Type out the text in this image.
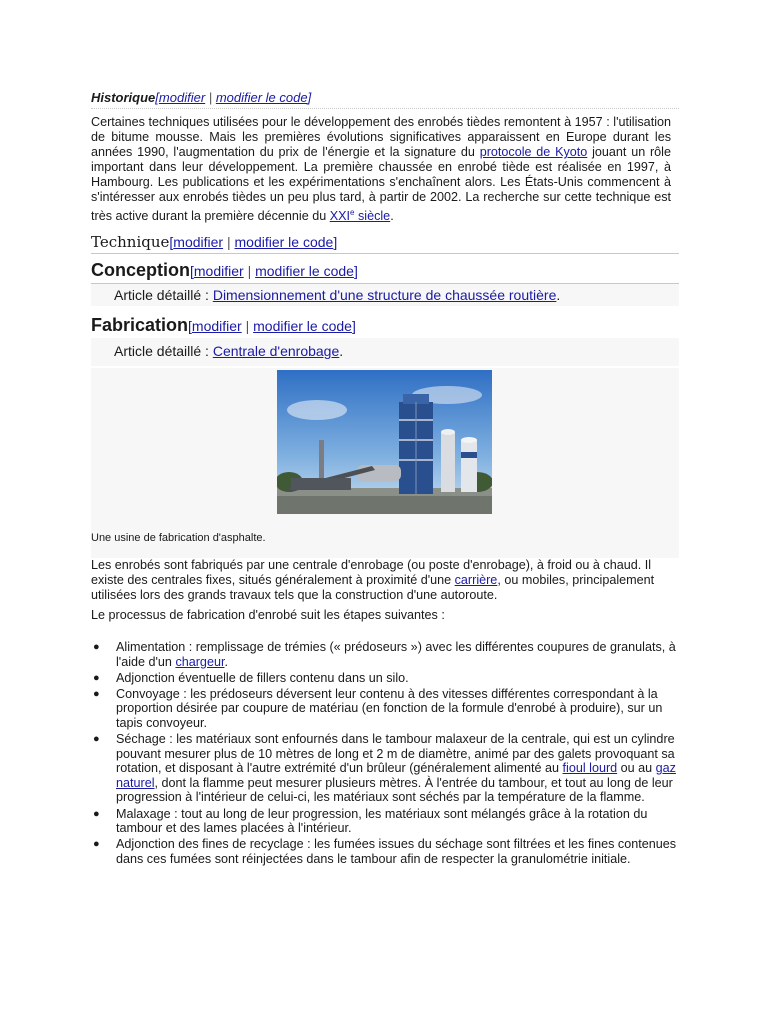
Historique[modifier | modifier le code]
Certaines techniques utilisées pour le développement des enrobés tièdes remontent à 1957 : l'utilisation de bitume mousse. Mais les premières évolutions significatives apparaissent en Europe durant les années 1990, l'augmentation du prix de l'énergie et la signature du protocole de Kyoto jouant un rôle important dans leur développement. La première chaussée en enrobé tiède est réalisée en 1997, à Hambourg. Les publications et les expérimentations s'enchaînent alors. Les États-Unis commencent à s'intéresser aux enrobés tièdes un peu plus tard, à partir de 2002. La recherche sur cette technique est très active durant la première décennie du XXIe siècle.
Technique[modifier | modifier le code]
Conception[modifier | modifier le code]
Article détaillé : Dimensionnement d'une structure de chaussée routière.
Fabrication[modifier | modifier le code]
Article détaillé : Centrale d'enrobage.
Une usine de fabrication d'asphalte.
Les enrobés sont fabriqués par une centrale d'enrobage (ou poste d'enrobage), à froid ou à chaud. Il existe des centrales fixes, situés généralement à proximité d'une carrière, ou mobiles, principalement utilisées lors des grands travaux tels que la construction d'une autoroute.
Le processus de fabrication d'enrobé suit les étapes suivantes :
● Alimentation : remplissage de trémies (« prédoseurs ») avec les différentes coupures de granulats, à l'aide d'un chargeur.
● Adjonction éventuelle de fillers contenu dans un silo.
● Convoyage : les prédoseurs déversent leur contenu à des vitesses différentes correspondant à la proportion désirée par coupure de matériau (en fonction de la formule d'enrobé à produire), sur un tapis convoyeur.
● Séchage : les matériaux sont enfournés dans le tambour malaxeur de la centrale, qui est un cylindre pouvant mesurer plus de 10 mètres de long et 2 m de diamètre, animé par des galets provoquant sa rotation, et disposant à l'autre extrémité d'un brûleur (généralement alimenté au fioul lourd ou au gaz naturel, dont la flamme peut mesurer plusieurs mètres. À l'entrée du tambour, et tout au long de leur progression à l'intérieur de celui-ci, les matériaux sont séchés par la température de la flamme.
● Malaxage : tout au long de leur progression, les matériaux sont mélangés grâce à la rotation du tambour et des lames placées à l'intérieur.
● Adjonction des fines de recyclage : les fumées issues du séchage sont filtrées et les fines contenues dans ces fumées sont réinjectées dans le tambour afin de respecter la granulométrie initiale.
